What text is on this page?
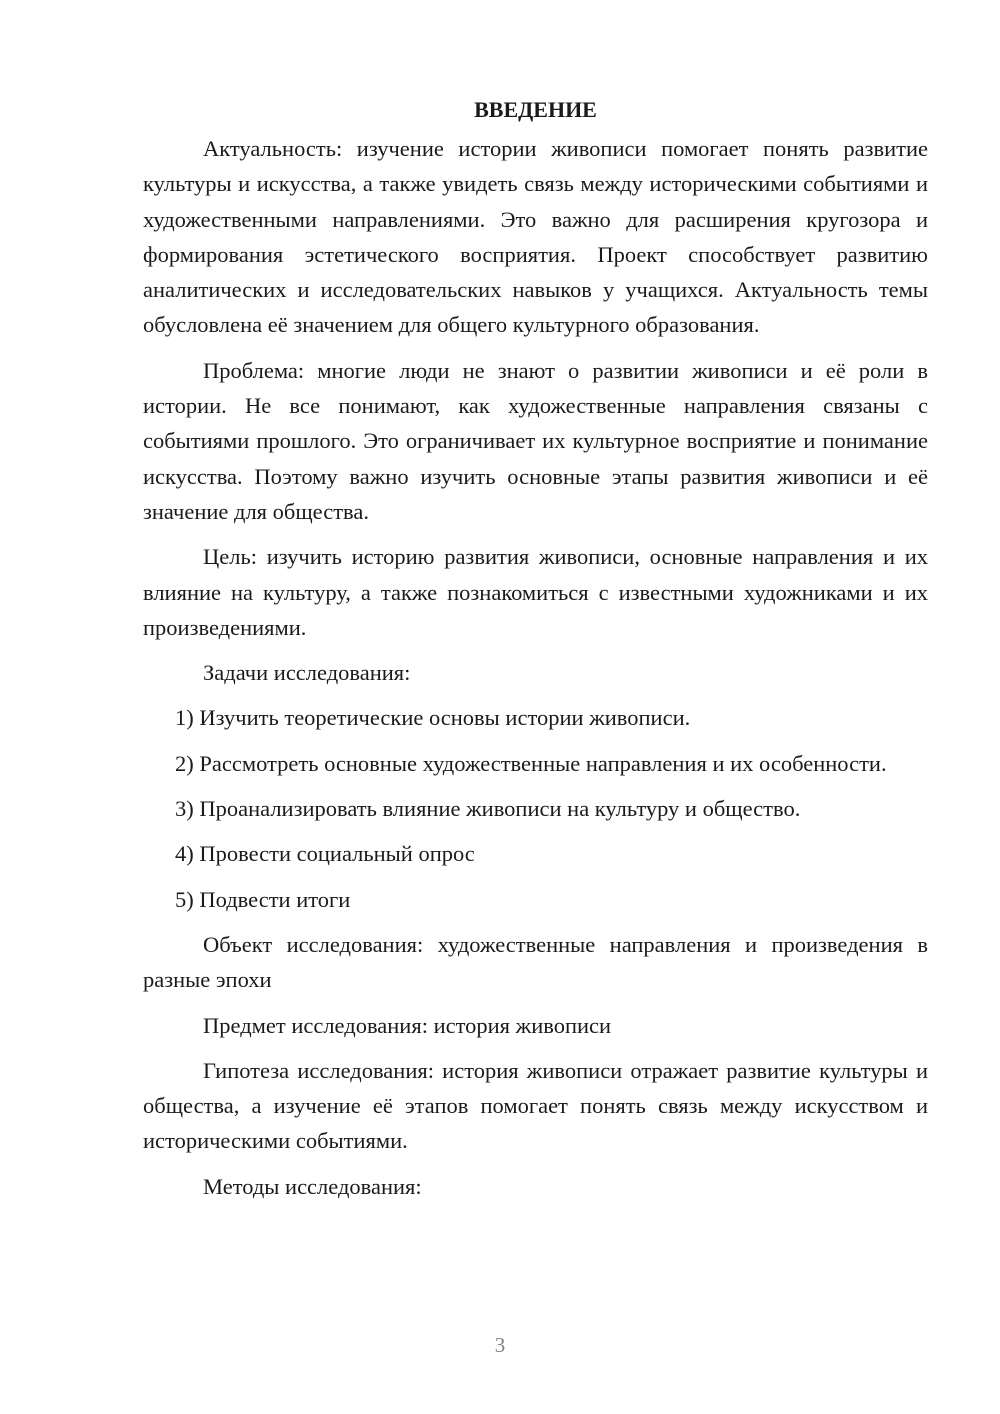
ВВЕДЕНИЕ

Актуальность: изучение истории живописи помогает понять развитие культуры и искусства, а также увидеть связь между историческими событиями и художественными направлениями. Это важно для расширения кругозора и формирования эстетического восприятия. Проект способствует развитию аналитических и исследовательских навыков у учащихся. Актуальность темы обусловлена её значением для общего культурного образования.

Проблема: многие люди не знают о развитии живописи и её роли в истории. Не все понимают, как художественные направления связаны с событиями прошлого. Это ограничивает их культурное восприятие и понимание искусства. Поэтому важно изучить основные этапы развития живописи и её значение для общества.

Цель: изучить историю развития живописи, основные направления и их влияние на культуру, а также познакомиться с известными художниками и их произведениями.

Задачи исследования:

1) Изучить теоретические основы истории живописи.

2) Рассмотреть основные художественные направления и их особенности.

3) Проанализировать влияние живописи на культуру и общество.

4) Провести социальный опрос

5) Подвести итоги

Объект исследования: художественные направления и произведения в разные эпохи

Предмет исследования: история живописи

Гипотеза исследования: история живописи отражает развитие культуры и общества, а изучение её этапов помогает понять связь между искусством и историческими событиями.

Методы исследования:

3
